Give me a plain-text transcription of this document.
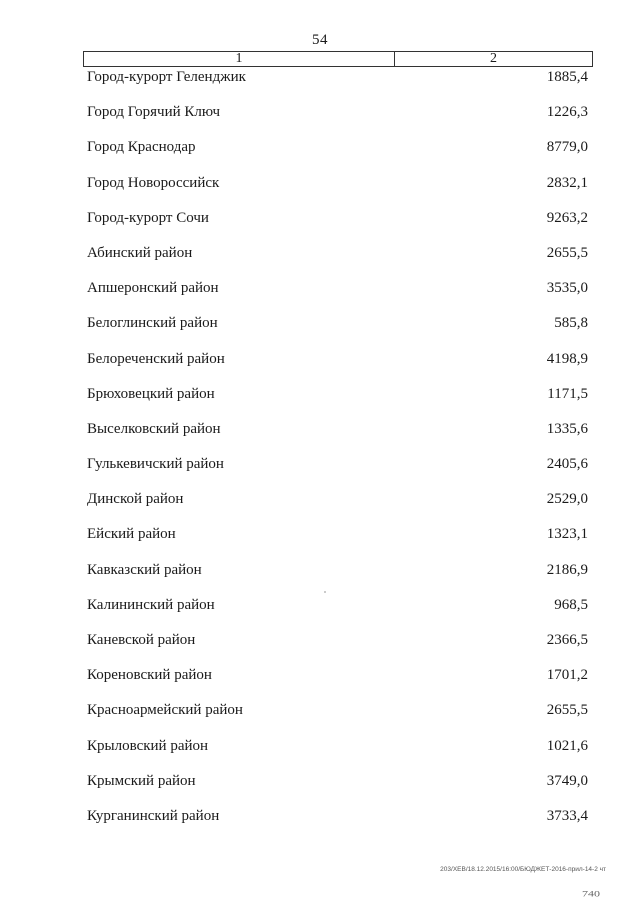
54
1	2
Город-курорт Геленджик	1885,4
Город Горячий Ключ	1226,3
Город Краснодар	8779,0
Город Новороссийск	2832,1
Город-курорт Сочи	9263,2
Абинский район	2655,5
Апшеронский район	3535,0
Белоглинский район	585,8
Белореченский район	4198,9
Брюховецкий район	1171,5
Выселковский район	1335,6
Гулькевичский район	2405,6
Динской район	2529,0
Ейский район	1323,1
Кавказский район	2186,9
Калининский район	968,5
Каневской район	2366,5
Кореновский район	1701,2
Красноармейский район	2655,5
Крыловский район	1021,6
Крымский район	3749,0
Курганинский район	3733,4
203/ХЕВ/18.12.2015/16:00/БЮДЖЕТ-2016-прил-14-2 чт
740
